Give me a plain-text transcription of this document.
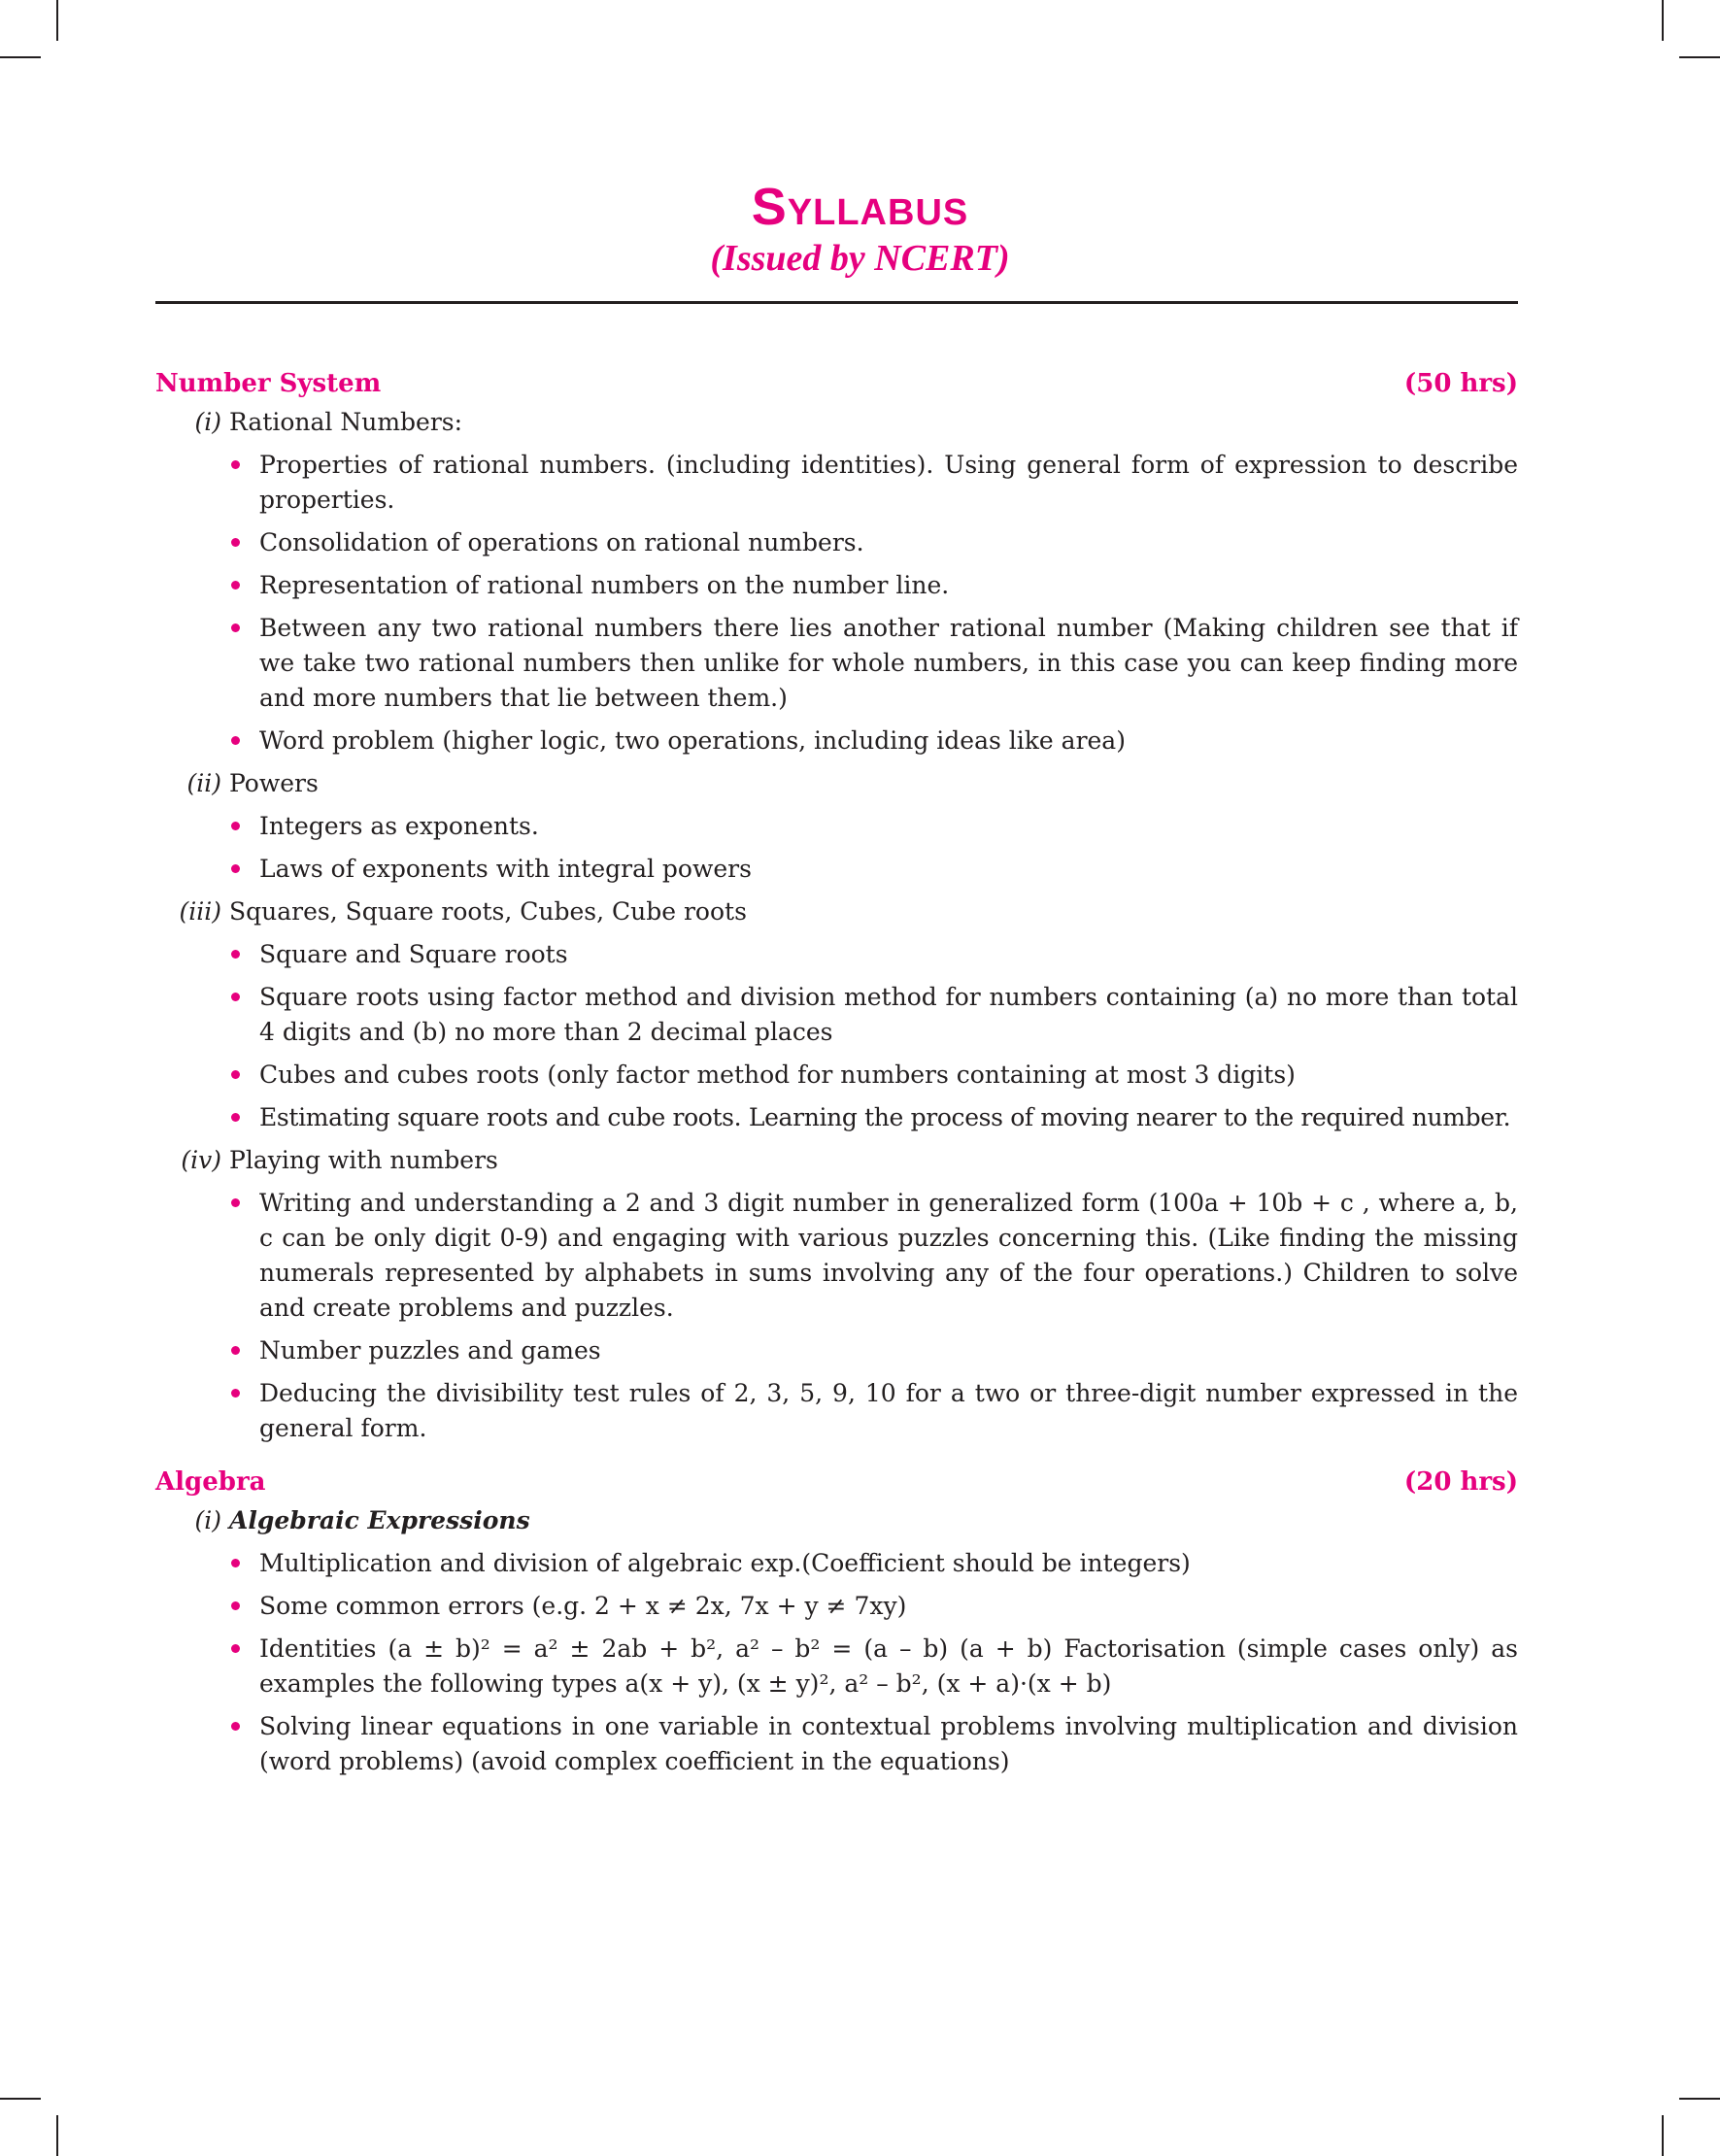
Syllabus
(Issued by NCERT)
Number System	(50 hrs)
(i) Rational Numbers:
Properties of rational numbers. (including identities). Using general form of expression to describe properties.
Consolidation of operations on rational numbers.
Representation of rational numbers on the number line.
Between any two rational numbers there lies another rational number (Making children see that if we take two rational numbers then unlike for whole numbers, in this case you can keep finding more and more numbers that lie between them.)
Word problem (higher logic, two operations, including ideas like area)
(ii) Powers
Integers as exponents.
Laws of exponents with integral powers
(iii) Squares, Square roots, Cubes, Cube roots
Square and Square roots
Square roots using factor method and division method for numbers containing (a) no more than total 4 digits and (b) no more than 2 decimal places
Cubes and cubes roots (only factor method for numbers containing at most 3 digits)
Estimating square roots and cube roots. Learning the process of moving nearer to the required number.
(iv) Playing with numbers
Writing and understanding a 2 and 3 digit number in generalized form (100a + 10b + c , where a, b, c can be only digit 0-9) and engaging with various puzzles concerning this. (Like finding the missing numerals represented by alphabets in sums involving any of the four operations.) Children to solve and create problems and puzzles.
Number puzzles and games
Deducing the divisibility test rules of 2, 3, 5, 9, 10 for a two or three-digit number expressed in the general form.
Algebra	(20 hrs)
(i) Algebraic Expressions
Multiplication and division of algebraic exp.(Coefficient should be integers)
Some common errors (e.g. 2 + x ≠ 2x, 7x + y ≠ 7xy)
Identities (a ± b)² = a² ± 2ab + b², a² – b² = (a – b) (a + b) Factorisation (simple cases only) as examples the following types a(x + y), (x ± y)², a² – b², (x + a)·(x + b)
Solving linear equations in one variable in contextual problems involving multiplication and division (word problems) (avoid complex coefficient in the equations)
